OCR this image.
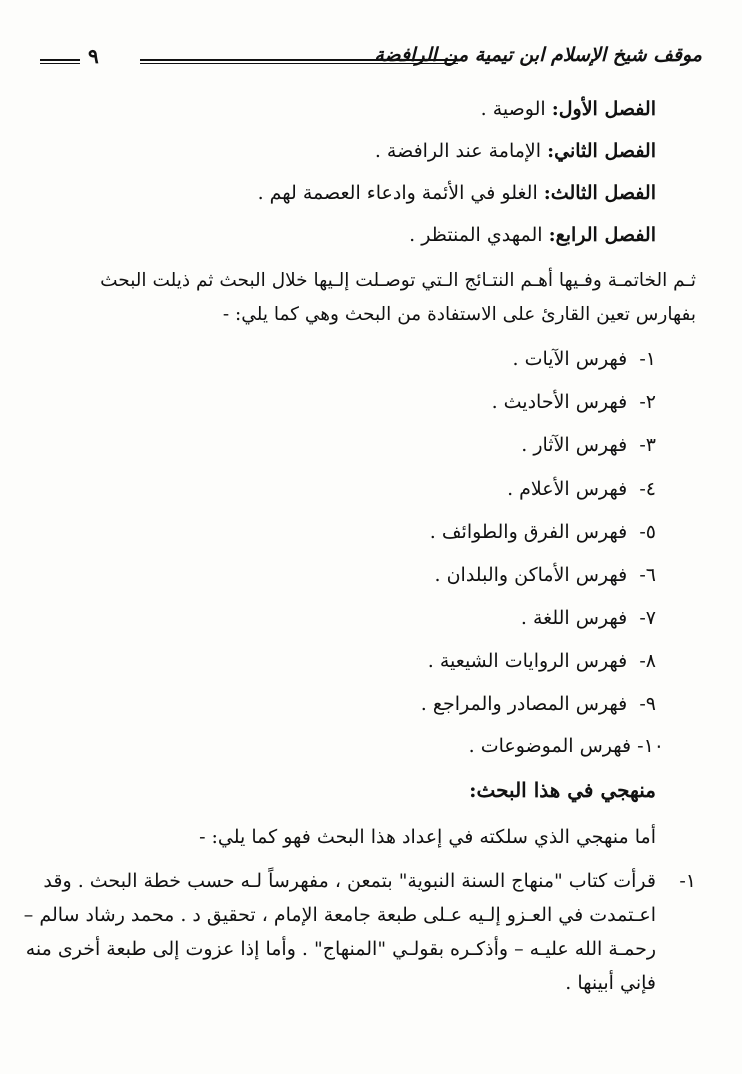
موقف شيخ الإسلام ابن تيمية من الرافضة
٩
الفصل الأول: الوصية .
الفصل الثاني: الإمامة عند الرافضة .
الفصل الثالث: الغلو في الأئمة وادعاء العصمة لهم .
الفصل الرابع: المهدي المنتظر .
ثـم الخاتمـة وفـيها أهـم النتـائج الـتي توصـلت إلـيها خلال البحث ثم ذيلت البحث
بفهارس تعين القارئ على الاستفادة من البحث وهي كما يلي: -
١-  فهرس الآيات .
٢-  فهرس الأحاديث .
٣-  فهرس الآثار .
٤-  فهرس الأعلام .
٥-  فهرس الفرق والطوائف .
٦-  فهرس الأماكن والبلدان .
٧-  فهرس اللغة .
٨-  فهرس الروايات الشيعية .
٩-  فهرس المصادر والمراجع .
١٠- فهرس الموضوعات .
منهجي في هذا البحث:
أما منهجي الذي سلكته في إعداد هذا البحث فهو كما يلي: -
١-
قرأت كتاب "منهاج السنة النبوية" بتمعن ، مفهرساً لـه حسب خطة البحث . وقد
اعـتمدت في العـزو إلـيه عـلى طبعة جامعة الإمام ، تحقيق د . محمد رشاد سالم –
رحمـة الله عليـه – وأذكـره بقولـي "المنهاج" . وأما إذا عزوت إلى طبعة أخرى منه
فإني أبينها .
